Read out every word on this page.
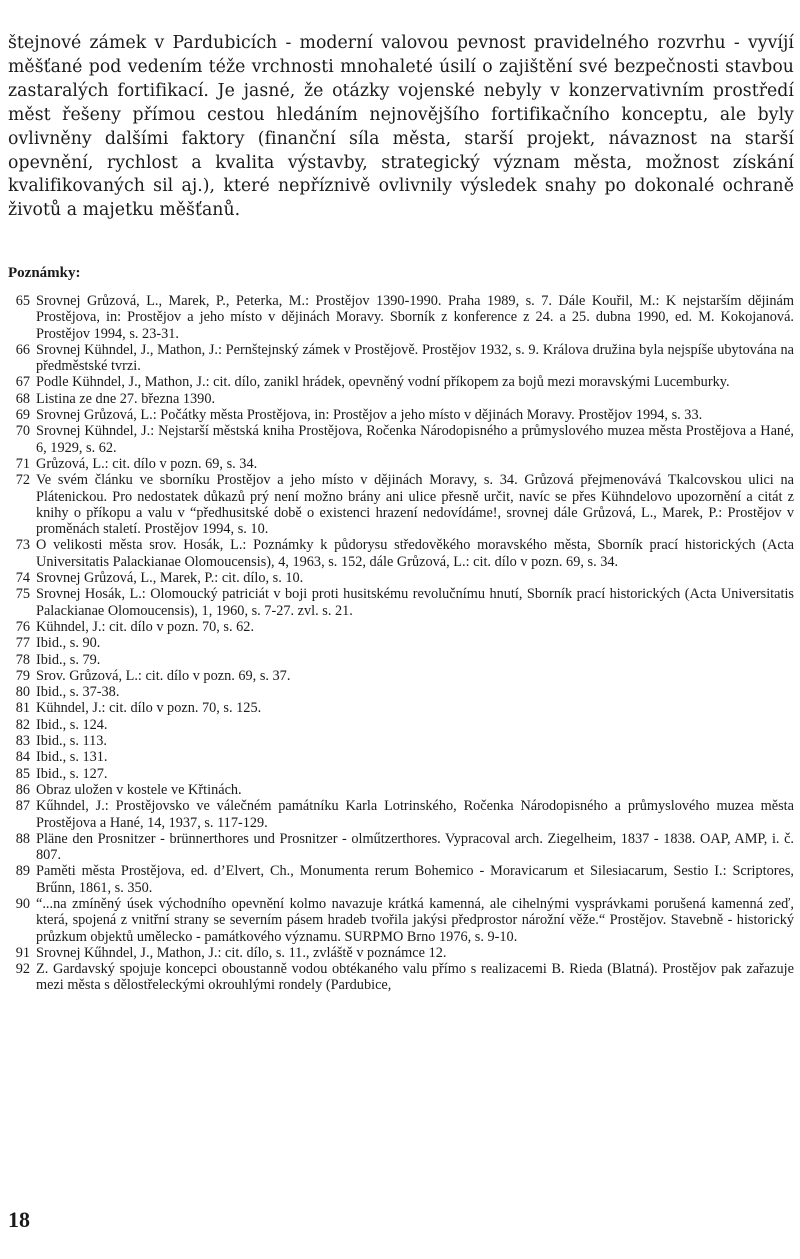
štejnové zámek v Pardubicích - moderní valovou pevnost pravidelného rozvrhu - vyvíjí měšťané pod vedením téže vrchnosti mnohaleté úsilí o zajištění své bezpečnosti stavbou zastaralých fortifikací. Je jasné, že otázky vojenské nebyly v konzervativním prostředí měst řešeny přímou cestou hledáním nejnovějšího fortifikačního konceptu, ale byly ovlivněny dalšími faktory (finanční síla města, starší projekt, návaznost na starší opevnění, rychlost a kvalita výstavby, strategický význam města, možnost získání kvalifikovaných sil aj.), které nepříznivě ovlivnily výsledek snahy po dokonalé ochraně životů a majetku měšťanů.

Poznámky:
65 Srovnej Grůzová, L., Marek, P., Peterka, M.: Prostějov 1390-1990. Praha 1989, s. 7. Dále Kouřil, M.: K nejstarším dějinám Prostějova, in: Prostějov a jeho místo v dějinách Moravy. Sborník z konference z 24. a 25. dubna 1990, ed. M. Kokojanová. Prostějov 1994, s. 23-31.
66 Srovnej Kühndel, J., Mathon, J.: Pernštejnský zámek v Prostějově. Prostějov 1932, s. 9. Králova družina byla nejspíše ubytována na předměstské tvrzi.
67 Podle Kühndel, J., Mathon, J.: cit. dílo, zanikl hrádek, opevněný vodní příkopem za bojů mezi moravskými Lucemburky.
68 Listina ze dne 27. března 1390.
69 Srovnej Grůzová, L.: Počátky města Prostějova, in: Prostějov a jeho místo v dějinách Moravy. Prostějov 1994, s. 33.
70 Srovnej Kühndel, J.: Nejstarší městská kniha Prostějova, Ročenka Národopisného a průmyslového muzea města Prostějova a Hané, 6, 1929, s. 62.
71 Grůzová, L.: cit. dílo v pozn. 69, s. 34.
72 Ve svém článku ve sborníku Prostějov a jeho místo v dějinách Moravy, s. 34. Grůzová přejmenovává Tkalcovskou ulici na Plátenickou. Pro nedostatek důkazů prý není možno brány ani ulice přesně určit, navíc se přes Kühndelovo upozornění a citát z knihy o příkopu a valu v “předhusitské době o existenci hrazení nedovídáme!, srovnej dále Grůzová, L., Marek, P.: Prostějov v proměnách staletí. Prostějov 1994, s. 10.
73 O velikosti města srov. Hosák, L.: Poznámky k půdorysu středověkého moravského města, Sborník prací historických (Acta Universitatis Palackianae Olomoucensis), 4, 1963, s. 152, dále Grůzová, L.: cit. dílo v pozn. 69, s. 34.
74 Srovnej Grůzová, L., Marek, P.: cit. dílo, s. 10.
75 Srovnej Hosák, L.: Olomoucký patriciát v boji proti husitskému revolučnímu hnutí, Sborník prací historických (Acta Universitatis Palackianae Olomoucensis), 1, 1960, s. 7-27. zvl. s. 21.
76 Kühndel, J.: cit. dílo v pozn. 70, s. 62.
77 Ibid., s. 90.
78 Ibid., s. 79.
79 Srov. Grůzová, L.: cit. dílo v pozn. 69, s. 37.
80 Ibid., s. 37-38.
81 Kühndel, J.: cit. dílo v pozn. 70, s. 125.
82 Ibid., s. 124.
83 Ibid., s. 113.
84 Ibid., s. 131.
85 Ibid., s. 127.
86 Obraz uložen v kostele ve Křtinách.
87 Kűhndel, J.: Prostějovsko ve válečném památníku Karla Lotrinského, Ročenka Národopisného a průmyslového muzea města Prostějova a Hané, 14, 1937, s. 117-129.
88 Pläne den Prosnitzer - brünnerthores und Prosnitzer - olműtzerthores. Vypracoval arch. Ziegelheim, 1837 - 1838. OAP, AMP, i. č. 807.
89 Paměti města Prostějova, ed. d’Elvert, Ch., Monumenta rerum Bohemico - Moravicarum et Silesiacarum, Sestio I.: Scriptores, Brűnn, 1861, s. 350.
90 “...na zmíněný úsek východního opevnění kolmo navazuje krátká kamenná, ale cihelnými vysprávkami porušená kamenná zeď, která, spojená z vnitřní strany se severním pásem hradeb tvořila jakýsi předprostor nárožní věže.“ Prostějov. Stavebně - historický průzkum objektů umělecko - památkového významu. SURPMO Brno 1976, s. 9-10.
91 Srovnej Kűhndel, J., Mathon, J.: cit. dílo, s. 11., zvláště v poznámce 12.
92 Z. Gardavský spojuje koncepci oboustanně vodou obtékaného valu přímo s realizacemi B. Rieda (Blatná). Prostějov pak zařazuje mezi města s dělostřeleckými okrouhlými rondely (Pardubice,
18
